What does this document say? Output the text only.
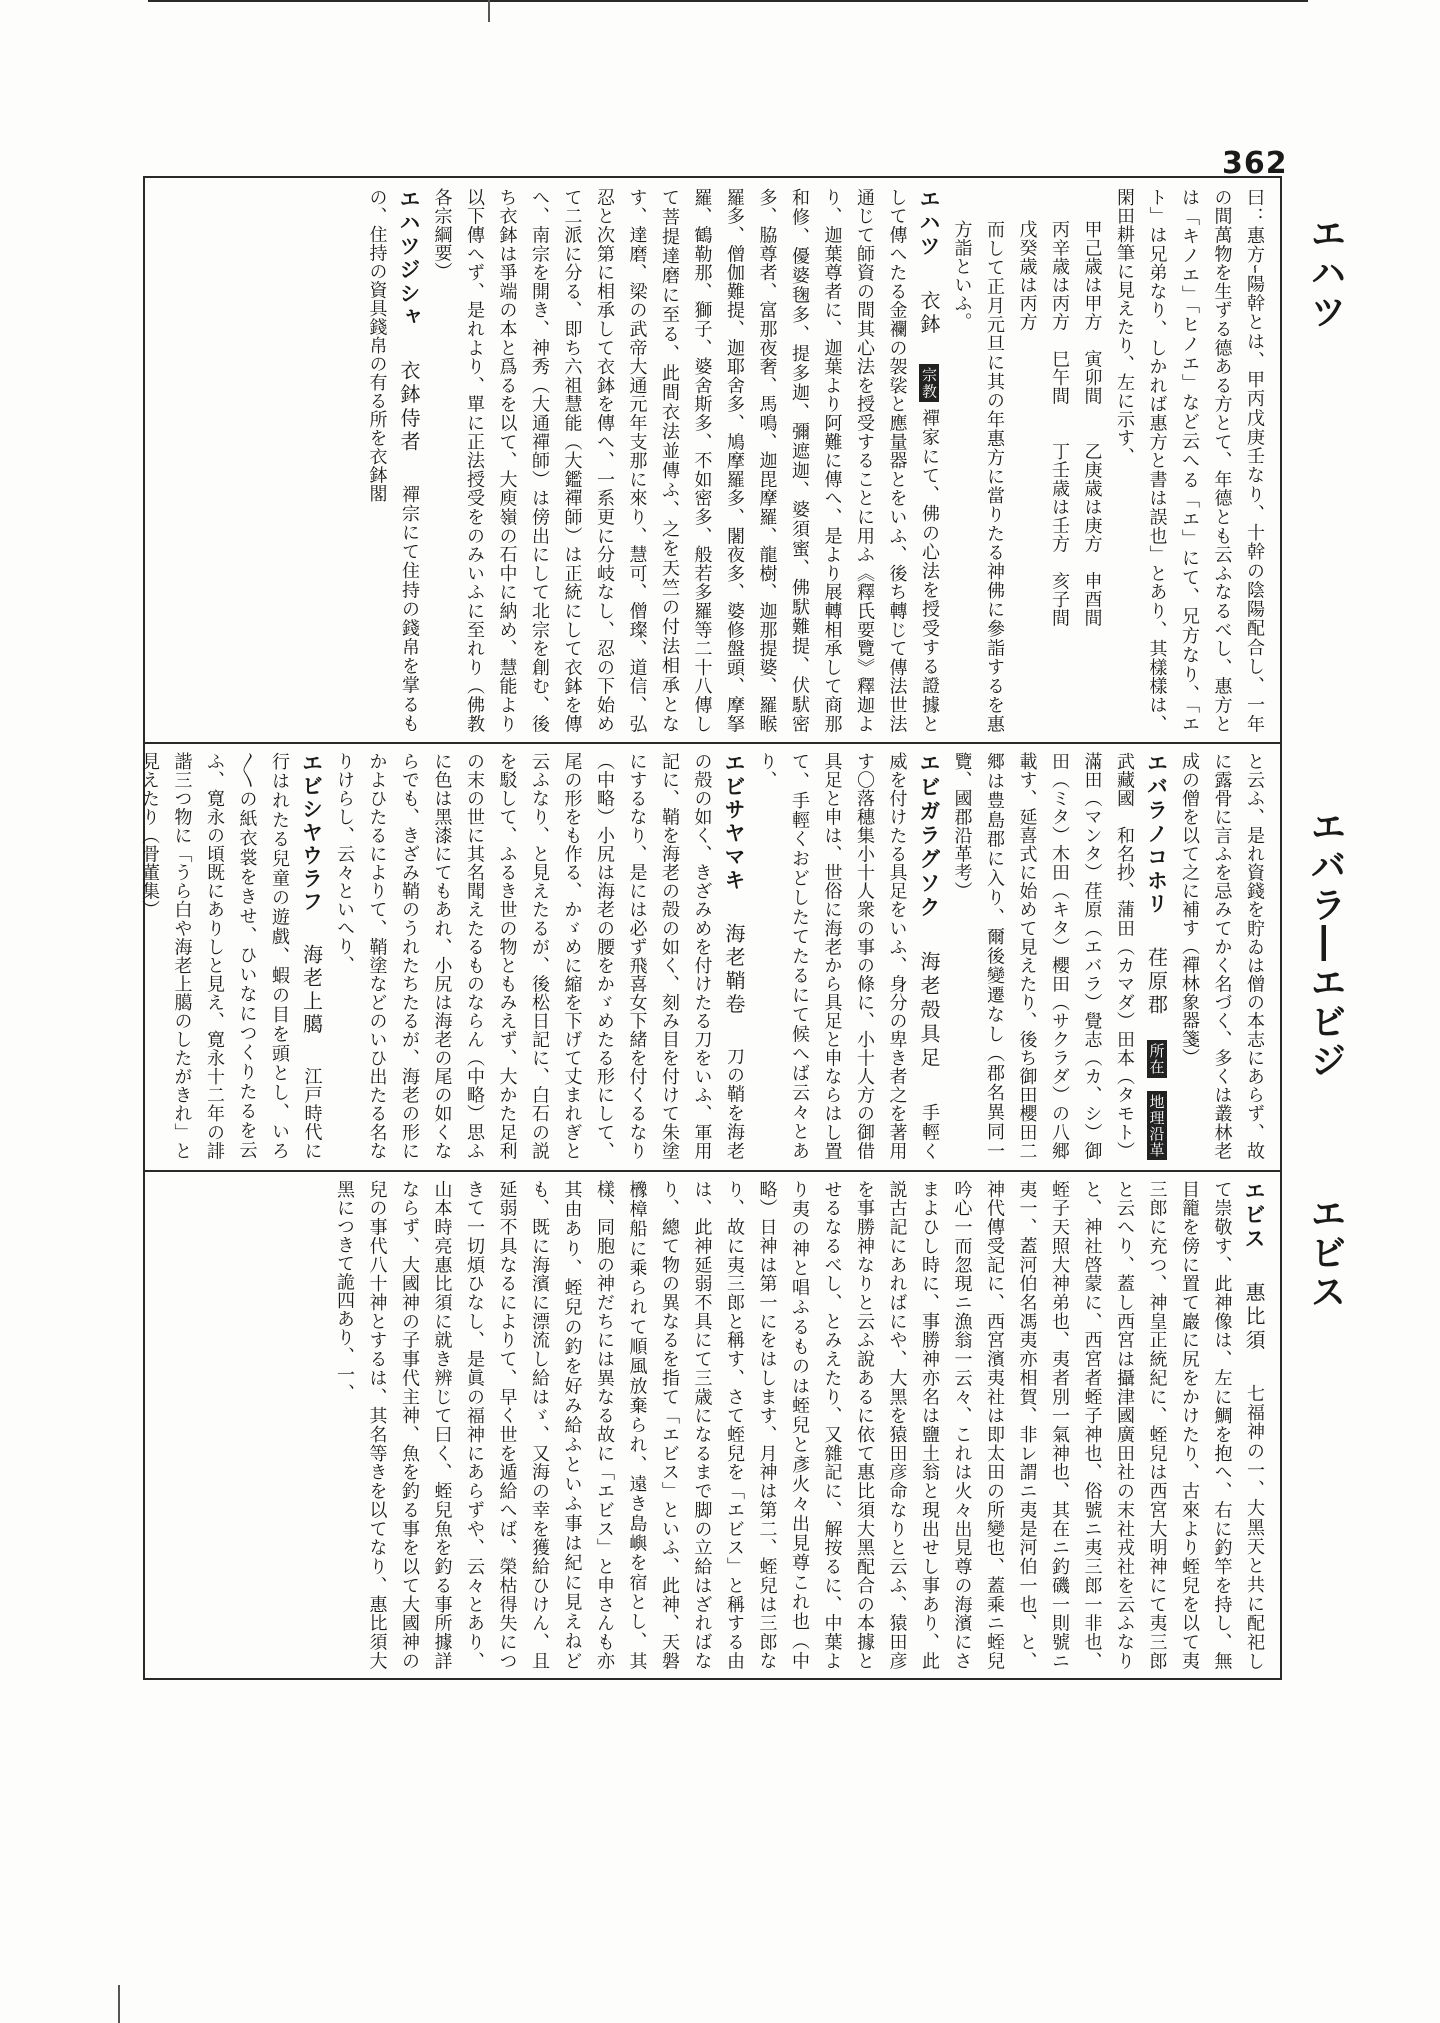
362
エハツ
エバラ―エビジ
エビス

曰：惠方ｰ陽幹とは、甲丙戊庚壬なり、十幹の陰陽配合し、一年の間萬物を生ずる德ある方とて、年德とも云ふなるべし、惠方とは「キノエ」「ヒノエ」など云へる「エ」にて、兄方なり、「エト」は兄弟なり、しかれば惠方と書は誤也」とあり、其樣樣は、閑田耕筆に見えたり、左に示す、

甲己歳は甲方　寅卯間　　乙庚歳は庚方　申酉間

丙辛歳は丙方　巳午間　　丁壬歳は壬方　亥子間

戊癸歳は丙方

而して正月元旦に其の年惠方に當りたる神佛に參詣するを惠方詣といふ。

エハツ 衣鉢 宗教 禪家にて、佛の心法を授受する證據として傳へたる金襴の袈裟と應量器とをいふ、後ち轉じて傳法世法通じて師資の間其心法を授受することに用ふ《釋氏要覽》釋迦より、迦葉尊者に、迦葉より阿難に傳へ、是より展轉相承して商那和修、優婆毱多、提多迦、彌遮迦、婆須蜜、佛䭾難提、伏䭾密多、脇尊者、富那夜奢、馬鳴、迦毘摩羅、龍樹、迦那提婆、羅睺羅多、僧伽難提、迦耶舍多、鳩摩羅多、闍夜多、婆修盤頭、摩拏羅、鶴勒那、獅子、婆舍斯多、不如密多、般若多羅等二十八傳して菩提達磨に至る、此間衣法並傳ふ、之を天竺の付法相承となす、達磨、梁の武帝大通元年支那に來り、慧可、僧璨、道信、弘忍と次第に相承して衣鉢を傳へ、一系更に分岐なし、忍の下始めて二派に分る、即ち六祖慧能（大鑑禪師）は正統にして衣鉢を傳へ、南宗を開き、神秀（大通禪師）は傍出にして北宗を創む、後ち衣鉢は爭端の本と爲るを以て、大庾嶺の石中に納め、慧能より以下傳へず、是れより、單に正法授受をのみいふに至れり（佛教各宗綱要）

エハツジシャ 衣鉢侍者 禪宗にて住持の錢帛を掌るもの、住持の資具錢帛の有る所を衣鉢閣

と云ふ、是れ資錢を貯ゐは僧の本志にあらず、故に露骨に言ふを忌みてかく名づく、多くは叢林老成の僧を以て之に補す（禪林象器箋）

エバラノコホリ 荏原郡 所在 地理沿革 武藏國　和名抄、蒲田（カマダ）田本（タモト）滿田（マンタ）荏原（エバラ）覺志（カ、シ）御田（ミタ）木田（キタ）櫻田（サクラダ）の八郷載す、延喜式に始めて見えたり、後ち御田櫻田二郷は豊島郡に入り、爾後變遷なし（郡名異同一覽、國郡沿革考）

エビガラグソク 海老殻具足 手輕く威を付けたる具足をいふ、身分の卑き者之を著用す〇落穗集小十人衆の事の條に、小十人方の御借具足と申は、世俗に海老から具足と申ならはし置て、手輕くおどしたてたるにて候へば云々とあり、

エビサヤマキ 海老鞘卷 刀の鞘を海老の殻の如く、きざみめを付けたる刀をいふ、軍用記に、鞘を海老の殻の如く、刻み目を付けて朱塗にするなり、是には必ず飛喜女下緒を付くるなり（中略）小尻は海老の腰をかゞめたる形にして、尾の形をも作る、かゞめに縮を下げて丈まれぎと云ふなり、と見えたるが、後松日記に、白石の説を駁して、ふるき世の物ともみえず、大かた足利の末の世に其名聞えたるものならん（中略）思ふに色は黑漆にてもあれ、小尻は海老の尾の如くならでも、きざみ鞘のうれたちたるが、海老の形にかよひたるによりて、鞘塗などのいひ出たる名なりけらし、云々といへり、

エビシヤウラフ 海老上臈 江戸時代に行はれたる兒童の遊戲、蝦の目を頭とし、いろ〳〵の紙衣裳をきせ、ひいなにつくりたるを云ふ、寛永の頃既にありしと見え、寛永十二年の誹諧三つ物に「うら白や海老上臈のしたがきれ」と見えたり（骨董集）

エビス 惠比須 七福神の一、大黑天と共に配祀して崇敬す、此神像は、左に鯛を抱へ、右に釣竿を持し、無目籠を傍に置て巖に尻をかけたり、古來より蛭兒を以て夷三郎に充つ、神皇正統紀に、蛭兒は西宮大明神にて夷三郎と云へり、蓋し西宮は攝津國廣田社の末社戎社を云ふなりと、神社啓蒙に、西宮者蛭子神也、俗號ニ夷三郎一非也、蛭子天照大神弟也、夷者別一氣神也、其在ニ釣磯一則號ニ夷一、蓋河伯名馮夷亦相賀、非レ謂ニ夷是河伯一也、と、神代傳受記に、西宮濱夷社は即太田の所變也、蓋乘ニ蛭兒吟心一而忽現ニ漁翁一云々、これは火々出見尊の海濱にさまよひし時に、事勝神亦名は鹽土翁と現出せし事あり、此説古記にあればにや、大黑を猿田彦命なりと云ふ、猿田彦を事勝神なりと云ふ說あるに依て惠比須大黑配合の本據とせるなるべし、とみえたり、又雜記に、解按るに、中葉より夷の神と唱ふるものは蛭兒と彥火々出見尊これ也（中略）日神は第一にをはします、月神は第二、蛭兒は三郎なり、故に夷三郎と稱す、さて蛭兒を「エビス」と稱する由は、此神延弱不具にて三歳になるまで脚の立給はざればなり、總て物の異なるを指て「エビス」といふ、此神、天磐櫲樟船に乘られて順風放棄られ、遠き島嶼を宿とし、其樣、同胞の神だちには異なる故に「エビス」と申さんも亦其由あり、蛭兒の釣を好み給ふといふ事は紀に見えねども、既に海濱に漂流し給はゞ、又海の幸を獲給ひけん、且延弱不具なるによりて、早く世を遁給へば、榮枯得失につきて一切煩ひなし、是眞の福神にあらずや、云々とあり、山本時亮惠比須に就き辨じて曰く、蛭兒魚を釣る事所據詳ならず、大國神の子事代主神、魚を釣る事を以て大國神の兒の事代八十神とするは、其名等きを以てなり、惠比須大黑につきて詭四あり、一、
